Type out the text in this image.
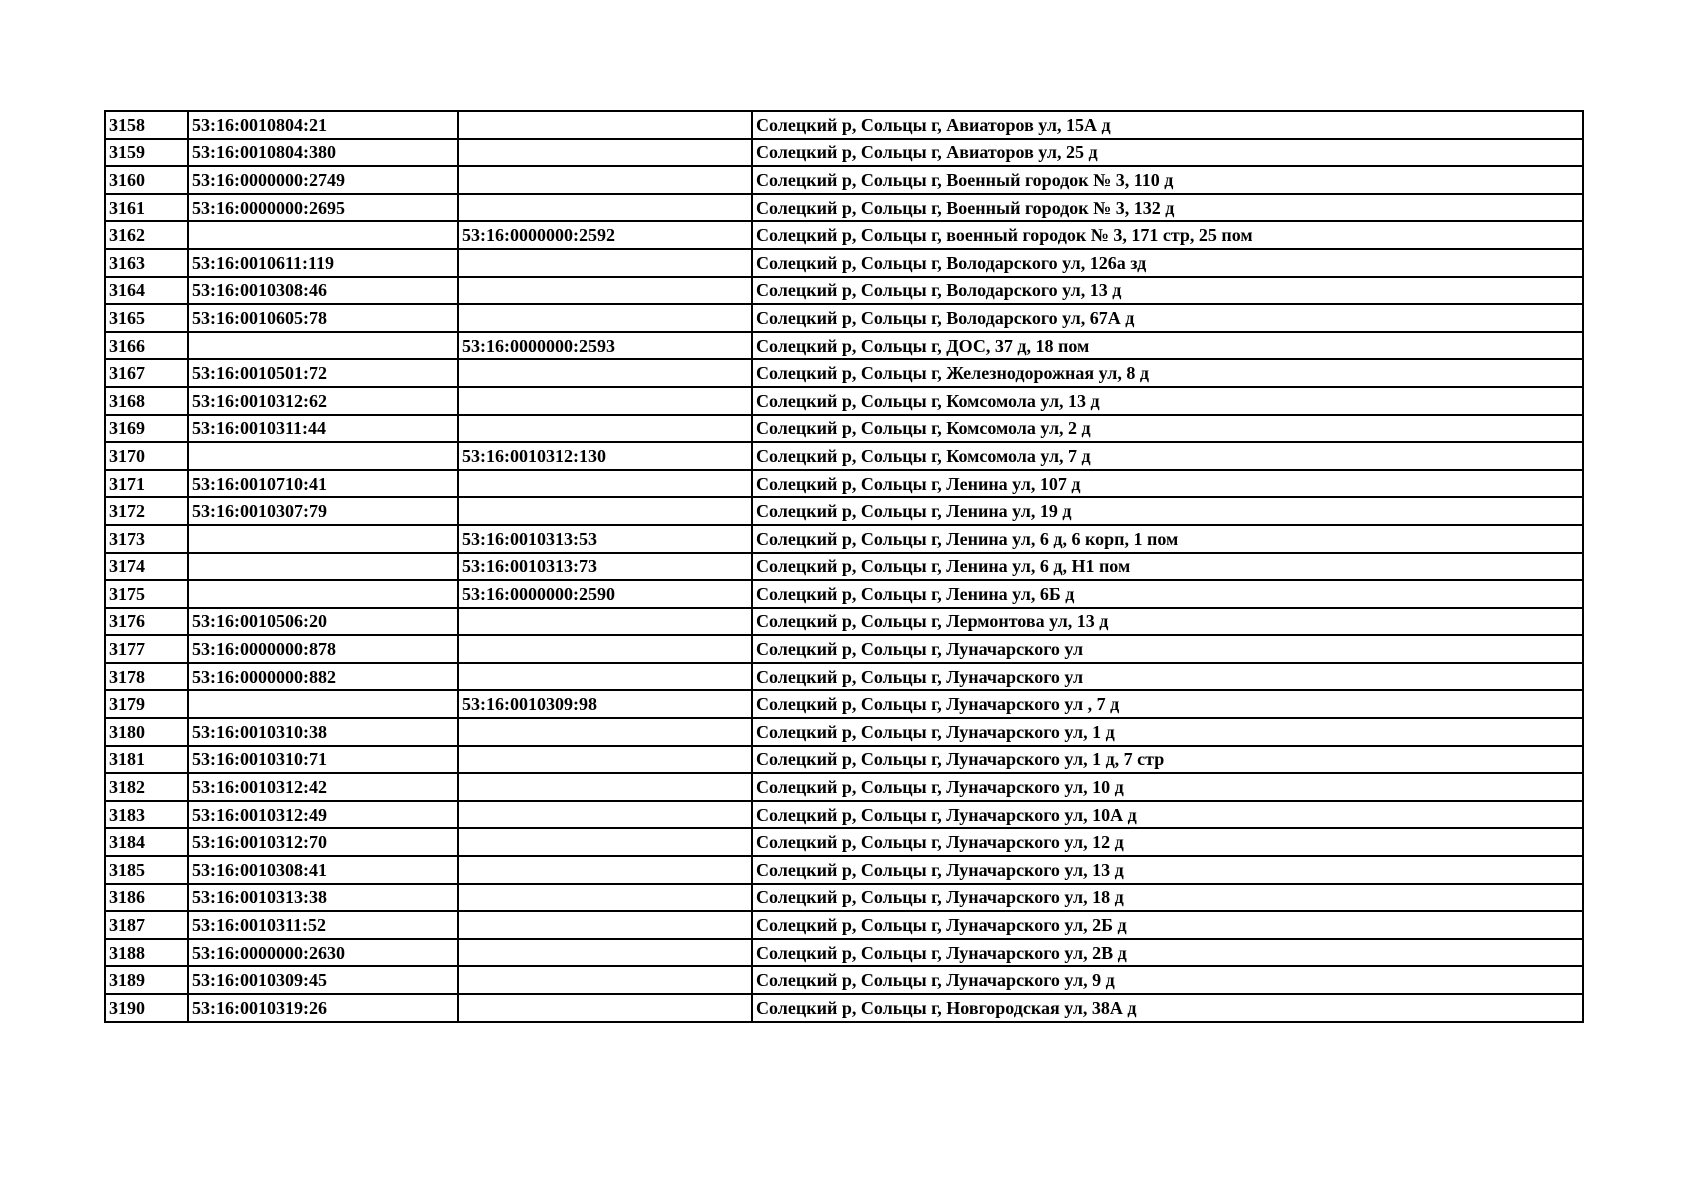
3158	53:16:0010804:21		Солецкий р, Сольцы г, Авиаторов ул, 15А д
3159	53:16:0010804:380		Солецкий р, Сольцы г, Авиаторов ул, 25 д
3160	53:16:0000000:2749		Солецкий р, Сольцы г, Военный городок № 3, 110 д
3161	53:16:0000000:2695		Солецкий р, Сольцы г, Военный городок № 3, 132 д
3162		53:16:0000000:2592	Солецкий р, Сольцы г, военный городок № 3, 171 стр, 25 пом
3163	53:16:0010611:119		Солецкий р, Сольцы г, Володарского ул, 126а зд
3164	53:16:0010308:46		Солецкий р, Сольцы г, Володарского ул, 13 д
3165	53:16:0010605:78		Солецкий р, Сольцы г, Володарского ул, 67А д
3166		53:16:0000000:2593	Солецкий р, Сольцы г, ДОС, 37 д, 18 пом
3167	53:16:0010501:72		Солецкий р, Сольцы г, Железнодорожная ул, 8 д
3168	53:16:0010312:62		Солецкий р, Сольцы г, Комсомола ул, 13 д
3169	53:16:0010311:44		Солецкий р, Сольцы г, Комсомола ул, 2 д
3170		53:16:0010312:130	Солецкий р, Сольцы г, Комсомола ул, 7 д
3171	53:16:0010710:41		Солецкий р, Сольцы г, Ленина ул, 107 д
3172	53:16:0010307:79		Солецкий р, Сольцы г, Ленина ул, 19 д
3173		53:16:0010313:53	Солецкий р, Сольцы г, Ленина ул, 6 д, 6 корп, 1 пом
3174		53:16:0010313:73	Солецкий р, Сольцы г, Ленина ул, 6 д, Н1 пом
3175		53:16:0000000:2590	Солецкий р, Сольцы г, Ленина ул, 6Б д
3176	53:16:0010506:20		Солецкий р, Сольцы г, Лермонтова ул, 13 д
3177	53:16:0000000:878		Солецкий р, Сольцы г, Луначарского ул
3178	53:16:0000000:882		Солецкий р, Сольцы г, Луначарского ул
3179		53:16:0010309:98	Солецкий р, Сольцы г, Луначарского ул , 7 д
3180	53:16:0010310:38		Солецкий р, Сольцы г, Луначарского ул, 1 д
3181	53:16:0010310:71		Солецкий р, Сольцы г, Луначарского ул, 1 д, 7 стр
3182	53:16:0010312:42		Солецкий р, Сольцы г, Луначарского ул, 10 д
3183	53:16:0010312:49		Солецкий р, Сольцы г, Луначарского ул, 10А д
3184	53:16:0010312:70		Солецкий р, Сольцы г, Луначарского ул, 12 д
3185	53:16:0010308:41		Солецкий р, Сольцы г, Луначарского ул, 13 д
3186	53:16:0010313:38		Солецкий р, Сольцы г, Луначарского ул, 18 д
3187	53:16:0010311:52		Солецкий р, Сольцы г, Луначарского ул, 2Б д
3188	53:16:0000000:2630		Солецкий р, Сольцы г, Луначарского ул, 2В д
3189	53:16:0010309:45		Солецкий р, Сольцы г, Луначарского ул, 9 д
3190	53:16:0010319:26		Солецкий р, Сольцы г, Новгородская ул, 38А д
